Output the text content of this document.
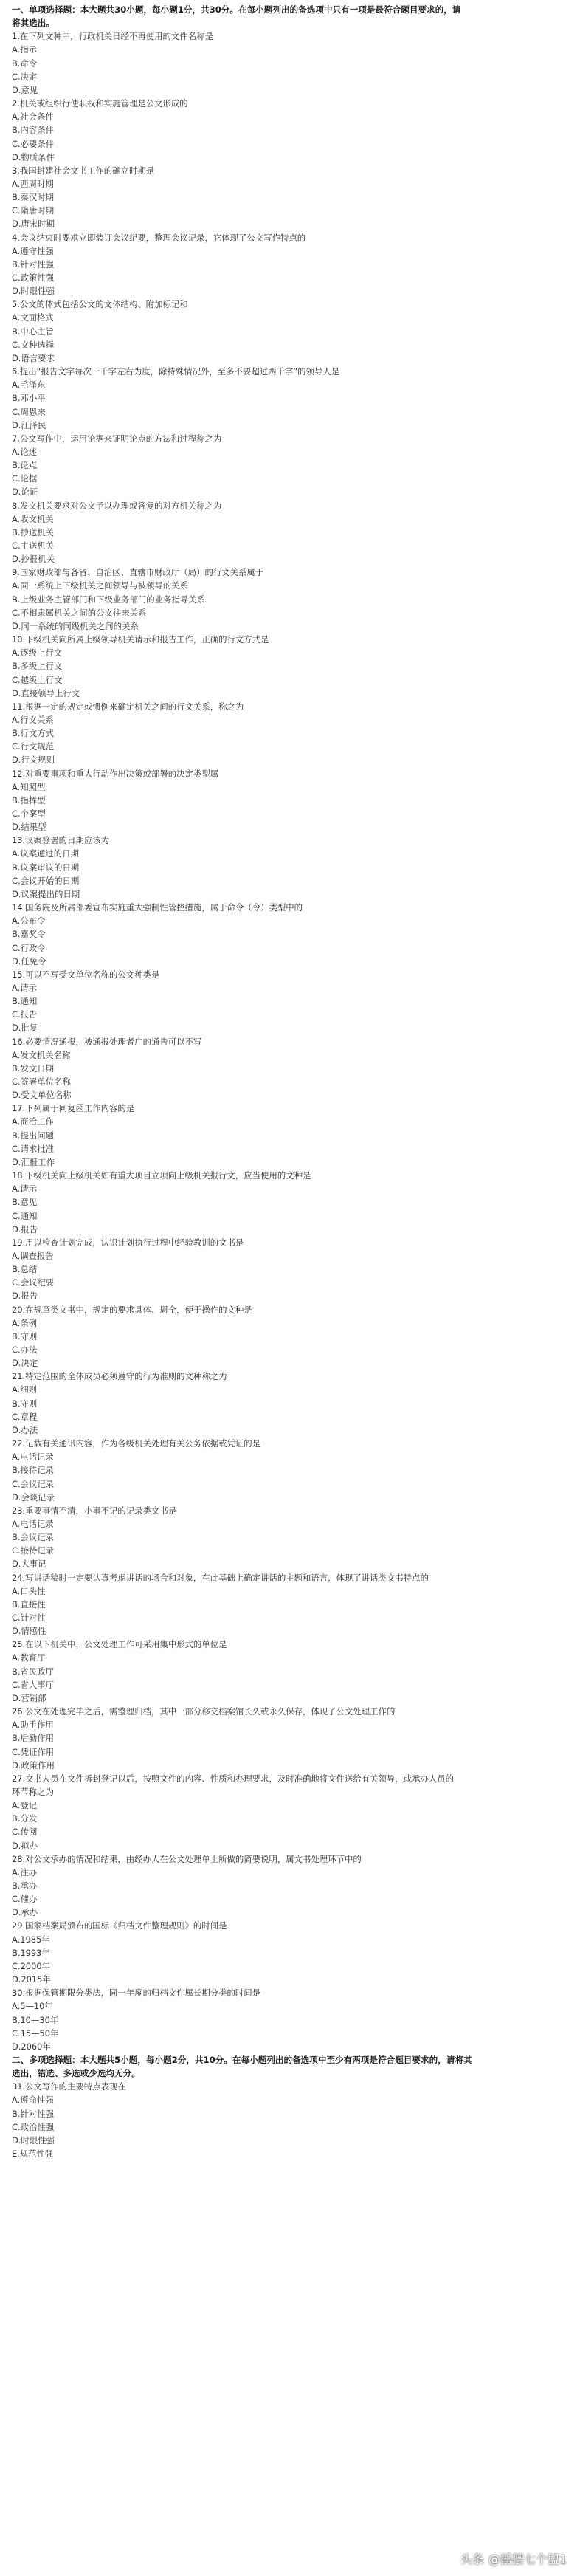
一、单项选择题：本大题共30小题，每小题1分，共30分。在每小题列出的备选项中只有一项是最符合题目要求的，请
将其选出。
1.在下列文种中，行政机关日经不再使用的文件名称是
A.指示
B.命令
C.决定
D.意见
2.机关或组织行使职权和实施管理是公文形成的
A.社会条件
B.内容条件
C.必要条件
D.物质条件
3.我国封建社会文书工作的确立时期是
A.西周时期
B.秦汉时期
C.隋唐时期
D.唐宋时期
4.会议结束时要求立即装订会议纪要，整理会议记录，它体现了公文写作特点的
A.遵守性强
B.针对性强
C.政策性强
D.时限性强
5.公文的体式包括公文的文体结构、附加标记和
A.文面格式
B.中心主旨
C.文种选择
D.语言要求
6.提出“报告文字每次一千字左右为度，除特殊情况外，至多不要超过两千字”的领导人是
A.毛泽东
B.邓小平
C.周恩来
D.江泽民
7.公文写作中，运用论据来证明论点的方法和过程称之为
A.论述
B.论点
C.论据
D.论证
8.发文机关要求对公文予以办理或答复的对方机关称之为
A.收文机关
B.抄送机关
C.主送机关
D.抄报机关
9.国家财政部与各省、自治区、直辖市财政厅（局）的行文关系属于
A.同一系统上下级机关之间领导与被领导的关系
B.上级业务主管部门和下级业务部门的业务指导关系
C.不相隶属机关之间的公文往来关系
D.同一系统的同级机关之间的关系
10.下级机关向所属上级领导机关请示和报告工作，正确的行文方式是
A.逐级上行文
B.多级上行文
C.越级上行文
D.直接领导上行文
11.根据一定的规定或惯例来确定机关之间的行文关系，称之为
A.行文关系
B.行文方式
C.行文规范
D.行文规则
12.对重要事项和重大行动作出决策或部署的决定类型属
A.知照型
B.指挥型
C.个案型
D.结果型
13.议案签署的日期应该为
A.议案通过的日期
B.议案审议的日期
C.会议开始的日期
D.议案提出的日期
14.国务院及所属部委宣布实施重大强制性管控措施，属于命令（令）类型中的
A.公布令
B.嘉奖令
C.行政令
D.任免令
15.可以不写受文单位名称的公文种类是
A.请示
B.通知
C.报告
D.批复
16.必要情况通报，被通报处理者广的通告可以不写
A.发文机关名称
B.发文日期
C.签署单位名称
D.受文单位名称
17.下列属于同复函工作内容的是
A.商洽工作
B.提出问题
C.请求批准
D.汇报工作
18.下级机关向上级机关如有重大项目立项向上级机关报行文，应当使用的文种是
A.请示
B.意见
C.通知
D.报告
19.用以检查计划完成，认识计划执行过程中经验教训的文书是
A.调查报告
B.总结
C.会议纪要
D.报告
20.在规章类文书中，规定的要求具体、周全，便于操作的文种是
A.条例
B.守则
C.办法
D.决定
21.特定范围的全体成员必须遵守的行为准则的文种称之为
A.细则
B.守则
C.章程
D.办法
22.记载有关通讯内容，作为各级机关处理有关公务依据或凭证的是
A.电话记录
B.接待记录
C.会议记录
D.会谈记录
23.重要事情不清，小事不记的记录类文书是
A.电话记录
B.会议记录
C.接待记录
D.大事记
24.写讲话稿时一定要认真考虑讲话的场合和对象，在此基础上确定讲话的主题和语言，体现了讲话类文书特点的
A.口头性
B.直接性
C.针对性
D.情感性
25.在以下机关中，公文处理工作可采用集中形式的单位是
A.教育厅
B.省民政厅
C.省人事厅
D.营销部
26.公文在处理完毕之后，需整理归档，其中一部分移交档案馆长久或永久保存，体现了公文处理工作的
A.助手作用
B.后勤作用
C.凭证作用
D.政策作用
27.文书人员在文件拆封登记以后，按照文件的内容、性质和办理要求，及时准确地将文件送给有关领导，或承办人员的
环节称之为
A.登记
B.分发
C.传阅
D.拟办
28.对公文承办的情况和结果，由经办人在公文处理单上所做的简要说明，属文书处理环节中的
A.注办
B.承办
C.催办
D.承办
29.国家档案局颁布的国标《归档文件整理规则》的时间是
A.1985年
B.1993年
C.2000年
D.2015年
30.根据保管期限分类法，同一年度的归档文件属长期分类的时间是
A.5—10年
B.10—30年
C.15—50年
D.2060年
二、多项选择题：本大题共5小题，每小题2分，共10分。在每小题列出的备选项中至少有两项是符合题目要求的，请将其
选出，错选、多选或少选均无分。
31.公文写作的主要特点表现在
A.遵命性强
B.针对性强
C.政治性强
D.时限性强
E.规范性强
头条 @摇摆七个盟1
